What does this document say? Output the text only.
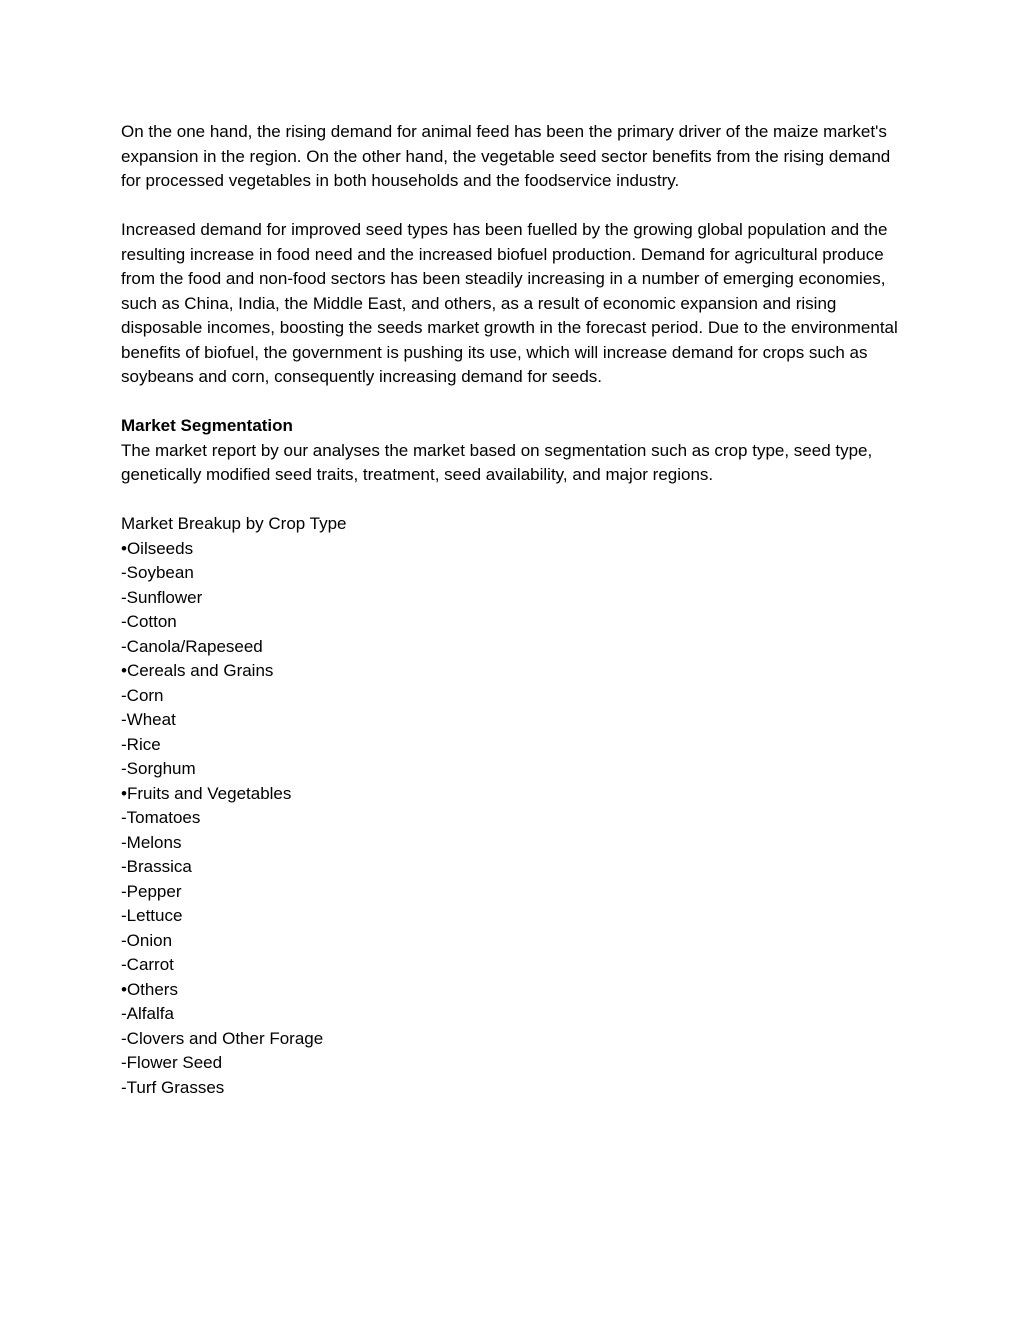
On the one hand, the rising demand for animal feed has been the primary driver of the maize market's expansion in the region. On the other hand, the vegetable seed sector benefits from the rising demand for processed vegetables in both households and the foodservice industry.

Increased demand for improved seed types has been fuelled by the growing global population and the resulting increase in food need and the increased biofuel production. Demand for agricultural produce from the food and non-food sectors has been steadily increasing in a number of emerging economies, such as China, India, the Middle East, and others, as a result of economic expansion and rising disposable incomes, boosting the seeds market growth in the forecast period. Due to the environmental benefits of biofuel, the government is pushing its use, which will increase demand for crops such as soybeans and corn, consequently increasing demand for seeds.

Market Segmentation

The market report by our analyses the market based on segmentation such as crop type, seed type, genetically modified seed traits, treatment, seed availability, and major regions.

Market Breakup by Crop Type

•Oilseeds
-Soybean
-Sunflower
-Cotton
-Canola/Rapeseed
•Cereals and Grains
-Corn
-Wheat
-Rice
-Sorghum
•Fruits and Vegetables
-Tomatoes
-Melons
-Brassica
-Pepper
-Lettuce
-Onion
-Carrot
•Others
-Alfalfa
-Clovers and Other Forage
-Flower Seed
-Turf Grasses
